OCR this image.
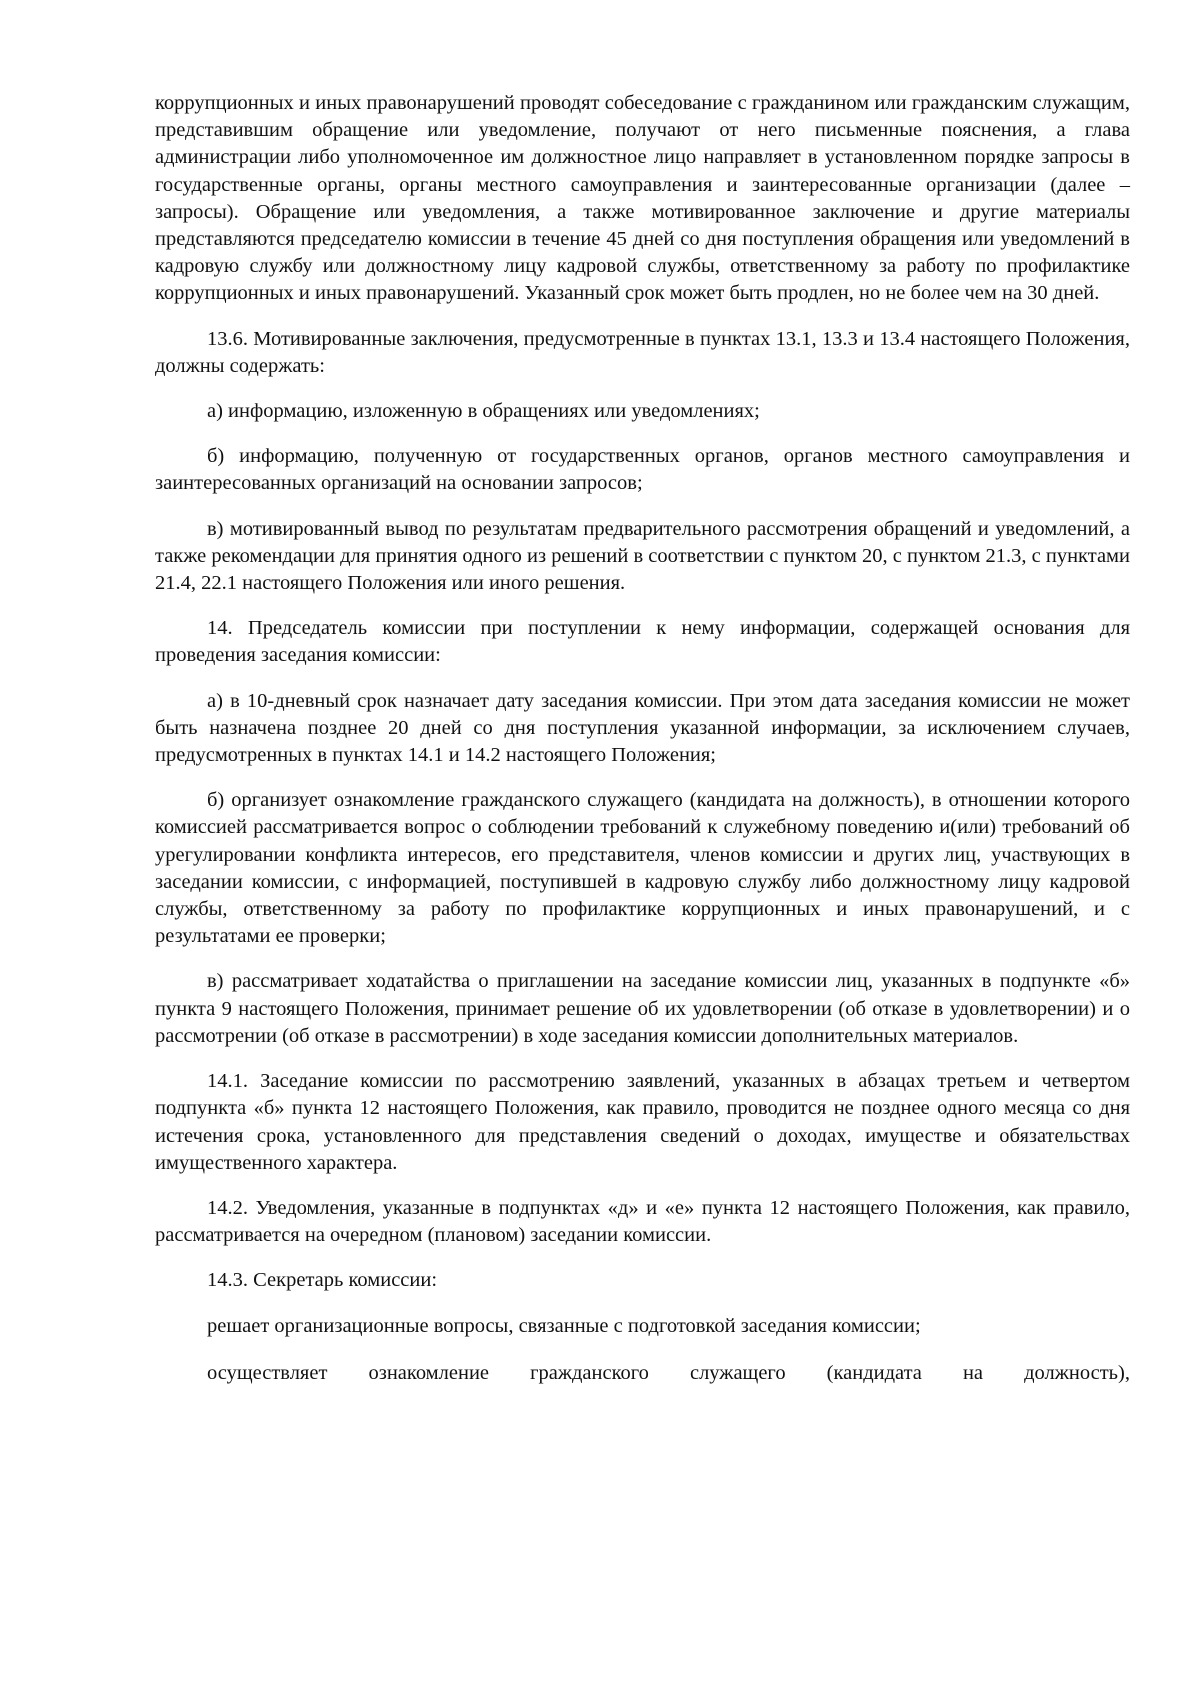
коррупционных и иных правонарушений проводят собеседование с гражданином или гражданским служащим, представившим обращение или уведомление, получают от него письменные пояснения, а глава администрации либо уполномоченное им должностное лицо направляет в установленном порядке запросы в государственные органы, органы местного самоуправления и заинтересованные организации (далее – запросы). Обращение или уведомления, а также мотивированное заключение и другие материалы представляются председателю комиссии в течение 45 дней со дня поступления обращения или уведомлений в кадровую службу или должностному лицу кадровой службы, ответственному за работу по профилактике коррупционных и иных правонарушений. Указанный срок может быть продлен, но не более чем на 30 дней.

13.6. Мотивированные заключения, предусмотренные в пунктах 13.1, 13.3 и 13.4 настоящего Положения, должны содержать:

а) информацию, изложенную в обращениях или уведомлениях;

б) информацию, полученную от государственных органов, органов местного самоуправления и заинтересованных организаций на основании запросов;

в) мотивированный вывод по результатам предварительного рассмотрения обращений и уведомлений, а также рекомендации для принятия одного из решений в соответствии с пунктом 20, с пунктом 21.3, с пунктами 21.4, 22.1 настоящего Положения или иного решения.

14. Председатель комиссии при поступлении к нему информации, содержащей основания для проведения заседания комиссии:

а) в 10-дневный срок назначает дату заседания комиссии. При этом дата заседания комиссии не может быть назначена позднее 20 дней со дня поступления указанной информации, за исключением случаев, предусмотренных в пунктах 14.1 и 14.2 настоящего Положения;

б) организует ознакомление гражданского служащего (кандидата на должность), в отношении которого комиссией рассматривается вопрос о соблюдении требований к служебному поведению и(или) требований об урегулировании конфликта интересов, его представителя, членов комиссии и других лиц, участвующих в заседании комиссии, с информацией, поступившей в кадровую службу либо должностному лицу кадровой службы, ответственному за работу по профилактике коррупционных и иных правонарушений, и с результатами ее проверки;

в) рассматривает ходатайства о приглашении на заседание комиссии лиц, указанных в подпункте «б» пункта 9 настоящего Положения, принимает решение об их удовлетворении (об отказе в удовлетворении) и о рассмотрении (об отказе в рассмотрении) в ходе заседания комиссии дополнительных материалов.

14.1. Заседание комиссии по рассмотрению заявлений, указанных в абзацах третьем и четвертом подпункта «б» пункта 12 настоящего Положения, как правило, проводится не позднее одного месяца со дня истечения срока, установленного для представления сведений о доходах, имуществе и обязательствах имущественного характера.

14.2. Уведомления, указанные в подпунктах «д» и «е» пункта 12 настоящего Положения, как правило, рассматривается на очередном (плановом) заседании комиссии.

14.3. Секретарь комиссии:

решает организационные вопросы, связанные с подготовкой заседания комиссии;

осуществляет ознакомление гражданского служащего (кандидата на должность),
